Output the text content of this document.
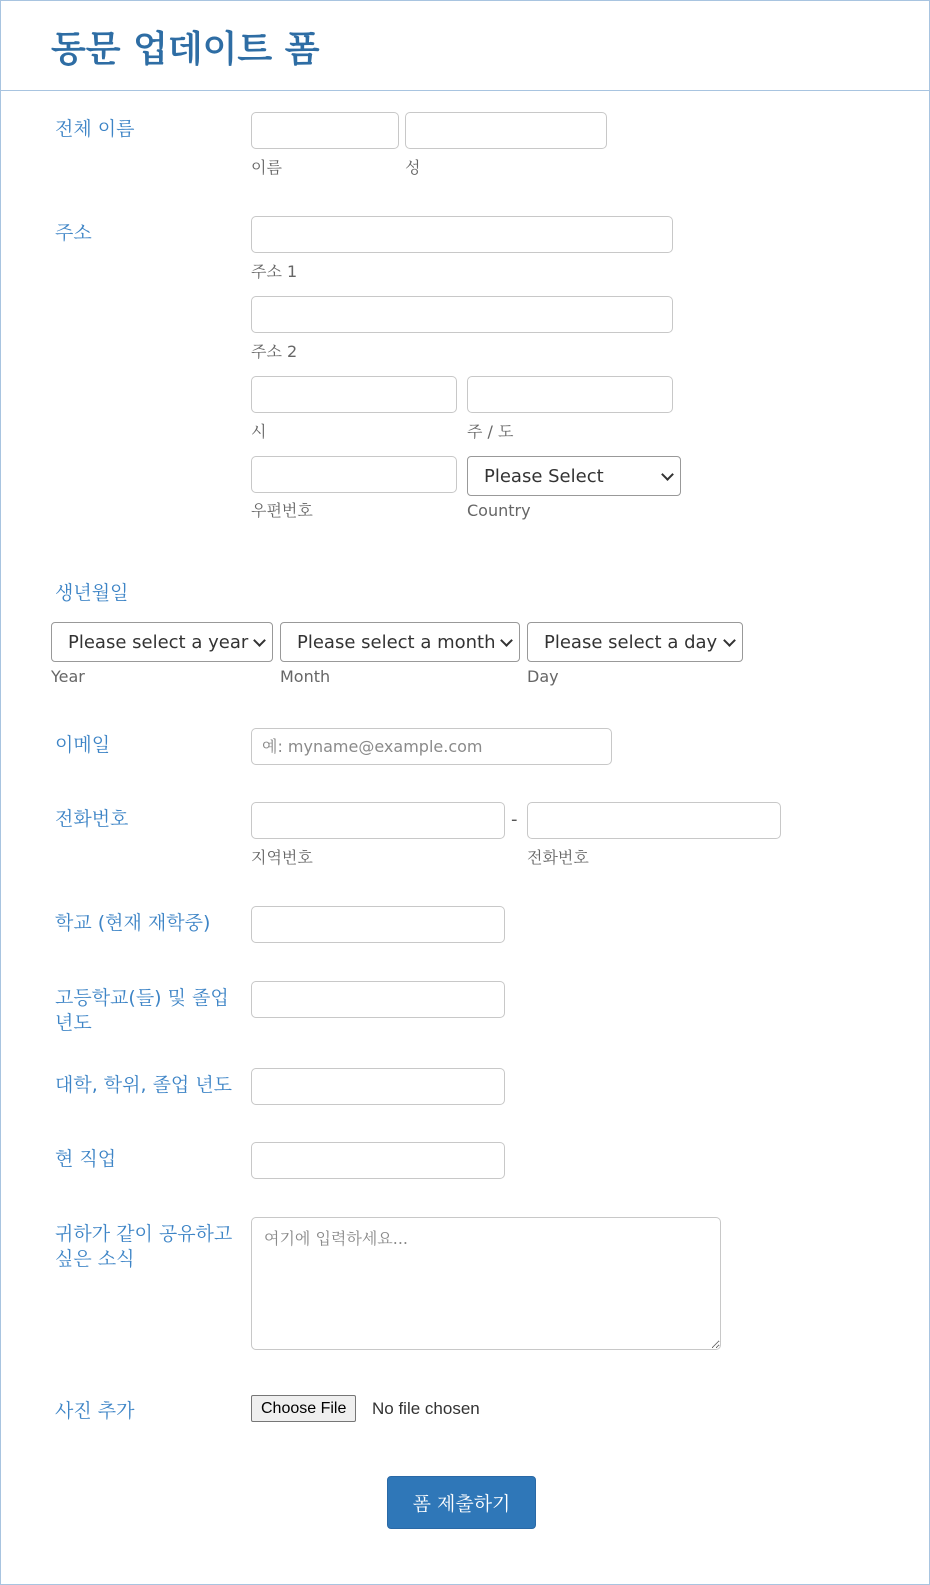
동문 업데이트 폼
전체 이름
이름	성
주소
주소 1
주소 2
시	주 / 도
Please Select
우편번호	Country
생년월일
Please select a year	Please select a month	Please select a day
Year	Month	Day
이메일
예: myname@example.com
전화번호	-
지역번호	전화번호
학교 (현재 재학중)
고등학교(들) 및 졸업 년도
대학, 학위, 졸업 년도
현 직업
귀하가 같이 공유하고 싶은 소식
여기에 입력하세요...
사진 추가	Choose File	No file chosen
폼 제출하기
